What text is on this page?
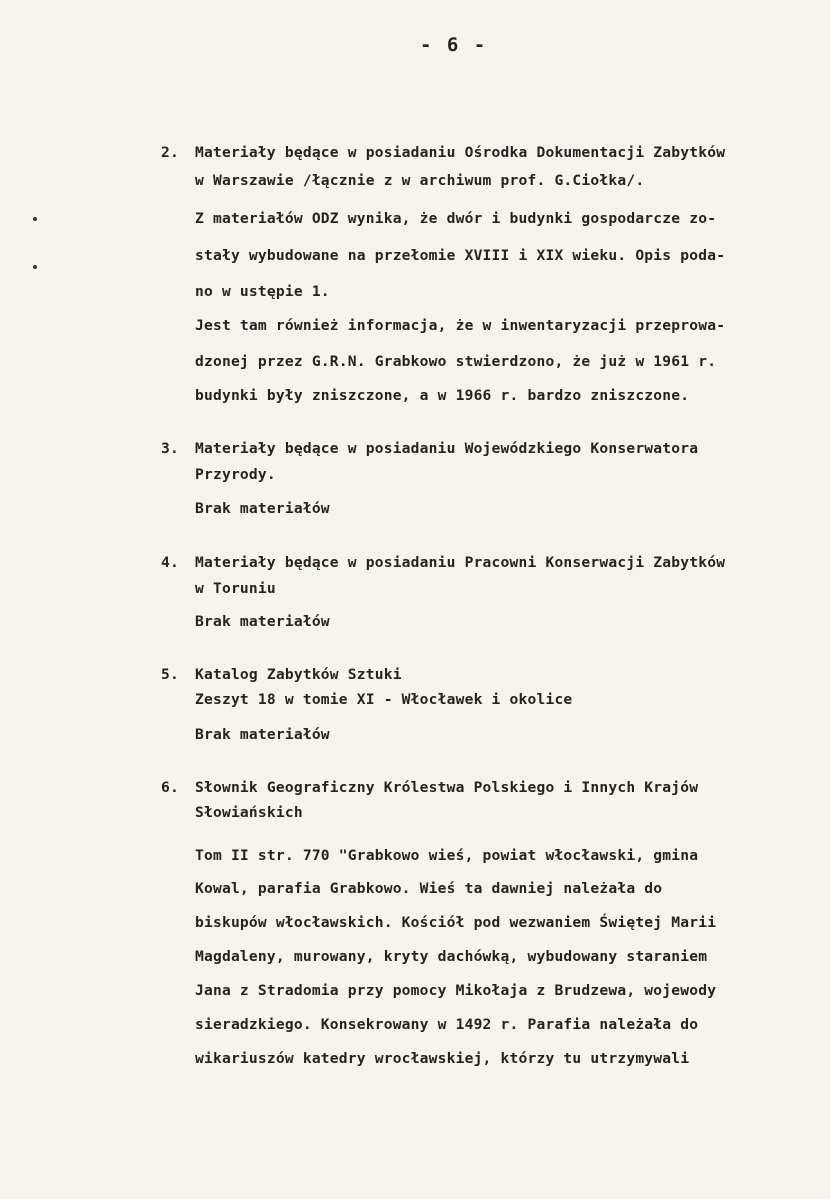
- 6 -
2. Materiały będące w posiadaniu Ośrodka Dokumentacji Zabytków
w Warszawie /łącznie z w archiwum prof. G.Ciołka/.
Z materiałów ODZ wynika, że dwór i budynki gospodarcze zo-
stały wybudowane na przełomie XVIII i XIX wieku. Opis poda-
no w ustępie 1.
Jest tam również informacja, że w inwentaryzacji przeprowa-
dzonej przez G.R.N. Grabkowo stwierdzono, że już w 1961 r.
budynki były zniszczone, a w 1966 r. bardzo zniszczone.
3. Materiały będące w posiadaniu Wojewódzkiego Konserwatora
Przyrody.
Brak materiałów
4. Materiały będące w posiadaniu Pracowni Konserwacji Zabytków
w Toruniu
Brak materiałów
5. Katalog Zabytków Sztuki
Zeszyt 18 w tomie XI - Włocławek i okolice
Brak materiałów
6. Słownik Geograficzny Królestwa Polskiego i Innych Krajów
Słowiańskich
Tom II str. 770 "Grabkowo wieś, powiat włocławski, gmina
Kowal, parafia Grabkowo. Wieś ta dawniej należała do
biskupów włocławskich. Kościół pod wezwaniem Świętej Marii
Magdaleny, murowany, kryty dachówką, wybudowany staraniem
Jana z Stradomia przy pomocy Mikołaja z Brudzewa, wojewody
sieradzkiego. Konsekrowany w 1492 r. Parafia należała do
wikariuszów katedry wrocławskiej, którzy tu utrzymywali
